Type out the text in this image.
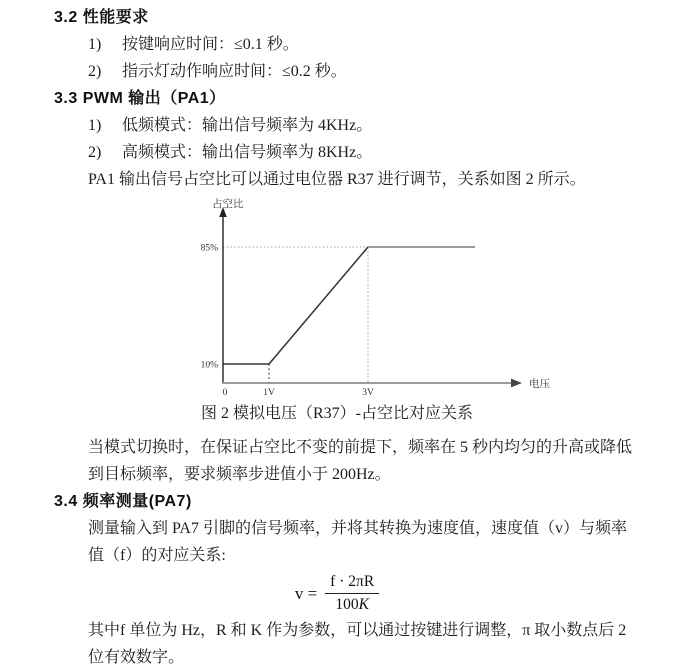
3.2 性能要求
1) 按键响应时间：≤0.1 秒。
2) 指示灯动作响应时间：≤0.2 秒。
3.3 PWM 输出（PA1）
1) 低频模式：输出信号频率为 4KHz。
2) 高频模式：输出信号频率为 8KHz。
PA1 输出信号占空比可以通过电位器 R37 进行调节，关系如图 2 所示。
占空比
电压
85%
10%
0	1V	3V
图 2 模拟电压（R37）-占空比对应关系
当模式切换时，在保证占空比不变的前提下，频率在 5 秒内均匀的升高或降低
到目标频率，要求频率步进值小于 200Hz。
3.4 频率测量(PA7)
测量输入到 PA7 引脚的信号频率，并将其转换为速度值，速度值（v）与频率
值（f）的对应关系:
$v = \frac{f \cdot 2\pi R}{100K}$
其中f 单位为 Hz，R 和 K 作为参数，可以通过按键进行调整，π 取小数点后 2
位有效数字。
